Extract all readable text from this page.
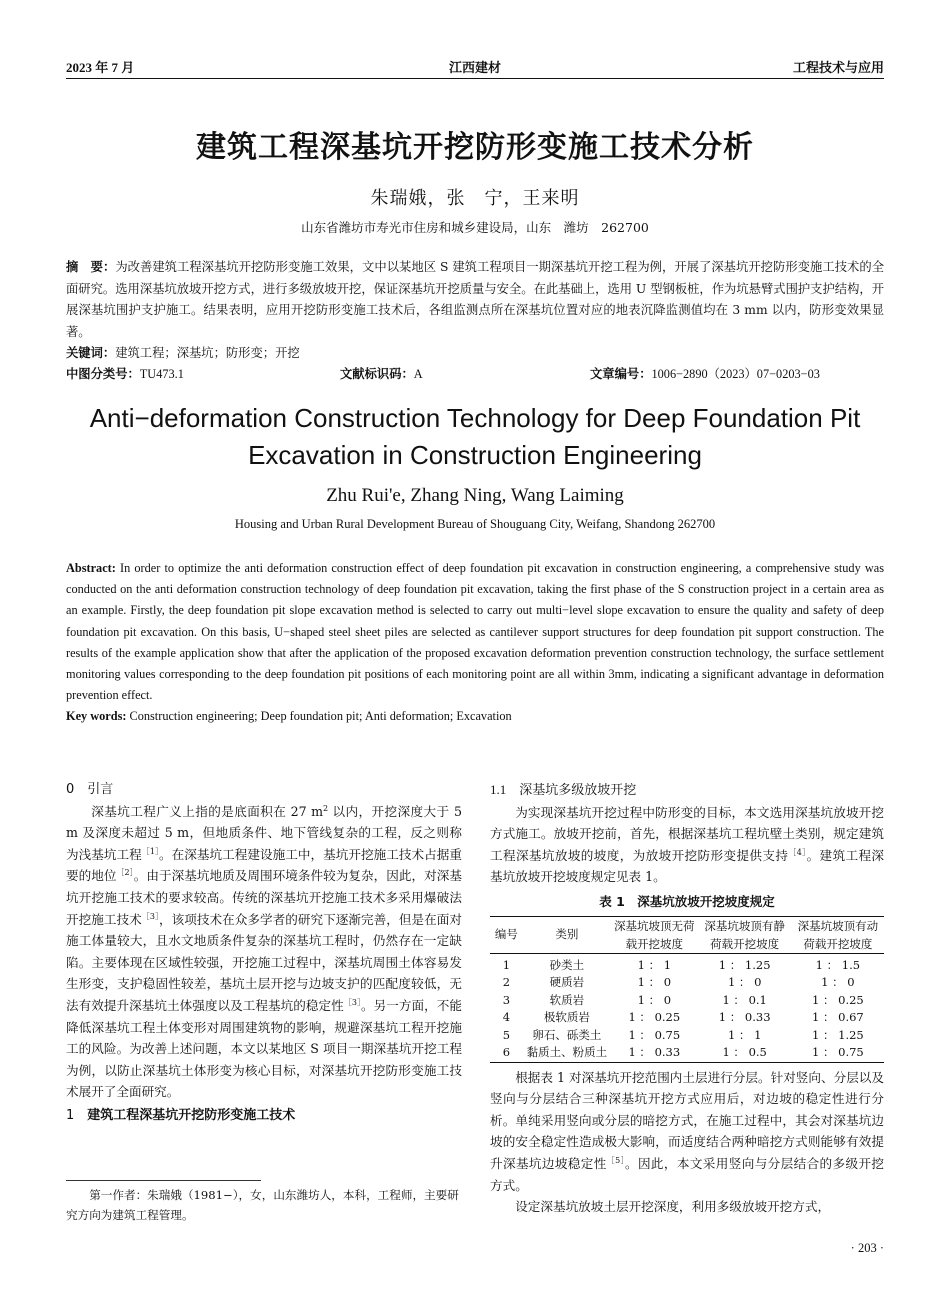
2023 年 7 月	江西建材	工程技术与应用
建筑工程深基坑开挖防形变施工技术分析
朱瑞娥，张　宁，王来明
山东省潍坊市寿光市住房和城乡建设局，山东　潍坊　262700
摘　要：为改善建筑工程深基坑开挖防形变施工效果，文中以某地区 S 建筑工程项目一期深基坑开挖工程为例，开展了深基坑开挖防形变施工技术的全面研究。选用深基坑放坡开挖方式，进行多级放坡开挖，保证深基坑开挖质量与安全。在此基础上，选用 U 型钢板桩，作为坑悬臂式围护支护结构，开展深基坑围护支护施工。结果表明，应用开挖防形变施工技术后，各组监测点所在深基坑位置对应的地表沉降监测值均在 3 mm 以内，防形变效果显著。
关键词：建筑工程；深基坑；防形变；开挖
中图分类号：TU473.1	文献标识码：A	文章编号：1006−2890（2023）07−0203−03
Anti−deformation Construction Technology for Deep Foundation Pit
Excavation in Construction Engineering
Zhu Rui'e, Zhang Ning, Wang Laiming
Housing and Urban Rural Development Bureau of Shouguang City, Weifang, Shandong 262700
Abstract: In order to optimize the anti deformation construction effect of deep foundation pit excavation in construction engineering, a comprehensive study was conducted on the anti deformation construction technology of deep foundation pit excavation, taking the first phase of the S construction project in a certain area as an example. Firstly, the deep foundation pit slope excavation method is selected to carry out multi−level slope excavation to ensure the quality and safety of deep foundation pit excavation. On this basis, U−shaped steel sheet piles are selected as cantilever support structures for deep foundation pit support construction. The results of the example application show that after the application of the proposed excavation deformation prevention construction technology, the surface settlement monitoring values corresponding to the deep foundation pit positions of each monitoring point are all within 3mm, indicating a significant advantage in deformation prevention effect.
Key words: Construction engineering; Deep foundation pit; Anti deformation; Excavation
0　 引言

深基坑工程广义上指的是底面积在 27 $m^2$ 以内，开挖深度大于 5 m 及深度未超过 5 m，但地质条件、地下管线复杂的工程，反之则称为浅基坑工程$^{[1]}$。在深基坑工程建设施工中，基坑开挖施工技术占据重要的地位$^{[2]}$。由于深基坑地质及周围环境条件较为复杂，因此，对深基坑开挖施工技术的要求较高。传统的深基坑开挖施工技术多采用爆破法开挖施工技术$^{[3]}$，该项技术在众多学者的研究下逐渐完善，但是在面对施工体量较大，且水文地质条件复杂的深基坑工程时，仍然存在一定缺陷。主要体现在区域性较强，开挖施工过程中，深基坑周围土体容易发生形变，支护稳固性较差，基坑土层开挖与边坡支护的匹配度较低，无法有效提升深基坑土体强度以及工程基坑的稳定性$^{[3]}$。另一方面，不能降低深基坑工程土体变形对周围建筑物的影响，规避深基坑工程开挖施工的风险。为改善上述问题，本文以某地区 S 项目一期深基坑开挖工程为例，以防止深基坑土体形变为核心目标，对深基坑开挖防形变施工技术展开了全面研究。

1　 建筑工程深基坑开挖防形变施工技术
第一作者：朱瑞娥（1981−），女，山东潍坊人，本科，工程师，主要研究方向为建筑工程管理。
1.1　 深基坑多级放坡开挖

为实现深基坑开挖过程中防形变的目标，本文选用深基坑放坡开挖方式施工。放坡开挖前，首先，根据深基坑工程坑壁土类别，规定建筑工程深基坑放坡的坡度，为放坡开挖防形变提供支持$^{[4]}$。建筑工程深基坑放坡开挖坡度规定见表 1。

表 1　深基坑放坡开挖坡度规定
编号	类别	深基坑坡顶无荷载开挖坡度	深基坑坡顶有静荷载开挖坡度	深基坑坡顶有动荷载开挖坡度
1	砂类土	1 ： 1	1 ： 1.25	1 ： 1.5
2	硬质岩	1 ： 0	1 ： 0	1 ： 0
3	软质岩	1 ： 0	1 ： 0.1	1 ： 0.25
4	极软质岩	1 ： 0.25	1 ： 0.33	1 ： 0.67
5	卵石、砾类土	1 ： 0.75	1 ： 1	1 ： 1.25
6	黏质土、粉质土	1 ： 0.33	1 ： 0.5	1 ： 0.75

根据表 1 对深基坑开挖范围内土层进行分层。针对竖向、分层以及竖向与分层结合三种深基坑开挖方式应用后，对边坡的稳定性进行分析。单纯采用竖向或分层的暗挖方式，在施工过程中，其会对深基坑边坡的安全稳定性造成极大影响，而适度结合两种暗挖方式则能够有效提升深基坑边坡稳定性$^{[5]}$。因此，本文采用竖向与分层结合的多级开挖方式。

设定深基坑放坡土层开挖深度，利用多级放坡开挖方式，

· 203 ·
